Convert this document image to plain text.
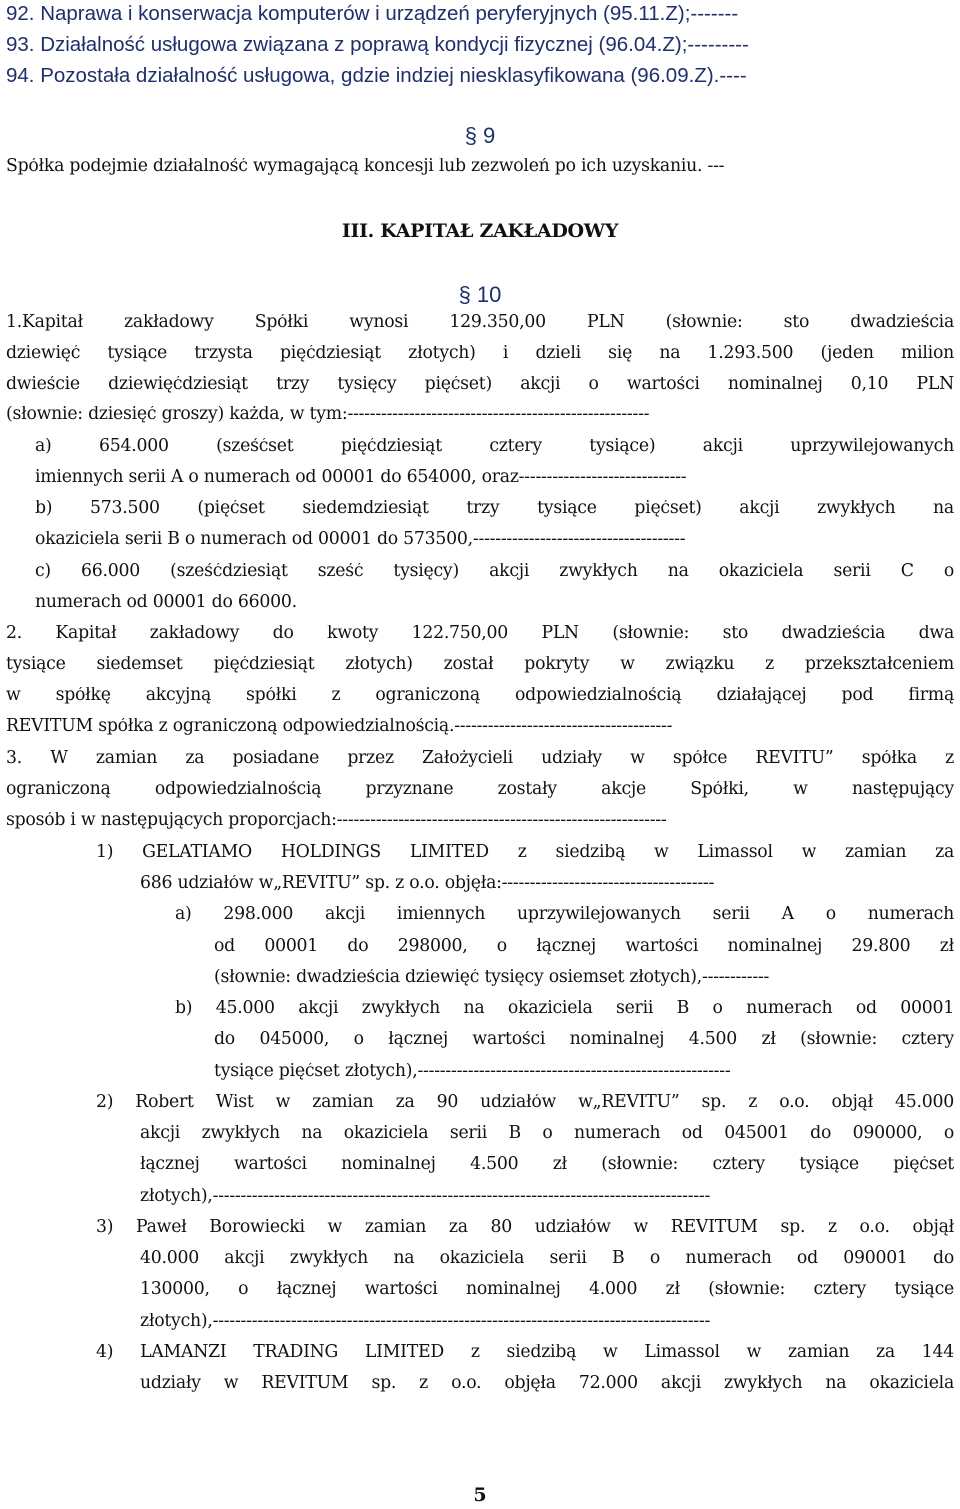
92. Naprawa i konserwacja komputerów i urządzeń peryferyjnych (95.11.Z);-------
93. Działalność usługowa związana z poprawą kondycji fizycznej (96.04.Z);---------
94. Pozostała działalność usługowa, gdzie indziej niesklasyfikowana (96.09.Z).----
§ 9
Spółka podejmie działalność wymagającą koncesji lub zezwoleń po ich uzyskaniu. ---
III. KAPITAŁ ZAKŁADOWY
§ 10
1.Kapitał zakładowy Spółki wynosi 129.350,00 PLN (słownie: sto dwadzieścia
dziewięć tysiące trzysta pięćdziesiąt złotych) i dzieli się na 1.293.500 (jeden milion
dwieście dziewięćdziesiąt trzy tysięcy pięćset) akcji o wartości nominalnej 0,10 PLN
(słownie: dziesięć groszy) każda, w tym:------------------------------------------------------
a) 654.000 (sześćset pięćdziesiąt cztery tysiące) akcji uprzywilejowanych
imiennych serii A o numerach od 00001 do 654000, oraz------------------------------
b) 573.500 (pięćset siedemdziesiąt trzy tysiące pięćset) akcji zwykłych na
okaziciela serii B o numerach od 00001 do 573500,--------------------------------------
c) 66.000 (sześćdziesiąt sześć tysięcy) akcji zwykłych na okaziciela serii C o
numerach od 00001 do 66000.
2. Kapitał zakładowy do kwoty 122.750,00 PLN (słownie: sto dwadzieścia dwa
tysiące siedemset pięćdziesiąt złotych) został pokryty w związku z przekształceniem
w spółkę akcyjną spółki z ograniczoną odpowiedzialnością działającej pod firmą
REVITUM spółka z ograniczoną odpowiedzialnością.---------------------------------------
3. W zamian za posiadane przez Założycieli udziały w spółce REVITU” spółka z
ograniczoną odpowiedzialnością przyznane zostały akcje Spółki, w następujący
sposób i w następujących proporcjach:-----------------------------------------------------------
1) GELATIAMO HOLDINGS LIMITED z siedzibą w Limassol w zamian za
686 udziałów w„REVITU” sp. z o.o. objęła:--------------------------------------
a) 298.000 akcji imiennych uprzywilejowanych serii A o numerach
od 00001 do 298000, o łącznej wartości nominalnej 29.800 zł
(słownie: dwadzieścia dziewięć tysięcy osiemset złotych),------------
b) 45.000 akcji zwykłych na okaziciela serii B o numerach od 00001
do 045000, o łącznej wartości nominalnej 4.500 zł (słownie: cztery
tysiące pięćset złotych),--------------------------------------------------------
2) Robert Wist w zamian za 90 udziałów w„REVITU” sp. z o.o. objął 45.000
akcji zwykłych na okaziciela serii B o numerach od 045001 do 090000, o
łącznej wartości nominalnej 4.500 zł (słownie: cztery tysiące pięćset
złotych),-----------------------------------------------------------------------------------------
3) Paweł Borowiecki w zamian za 80 udziałów w REVITUM sp. z o.o. objął
40.000 akcji zwykłych na okaziciela serii B o numerach od 090001 do
130000, o łącznej wartości nominalnej 4.000 zł (słownie: cztery tysiące
złotych),-----------------------------------------------------------------------------------------
4) LAMANZI TRADING LIMITED z siedzibą w Limassol w zamian za 144
udziały w REVITUM sp. z o.o. objęła 72.000 akcji zwykłych na okaziciela
5
